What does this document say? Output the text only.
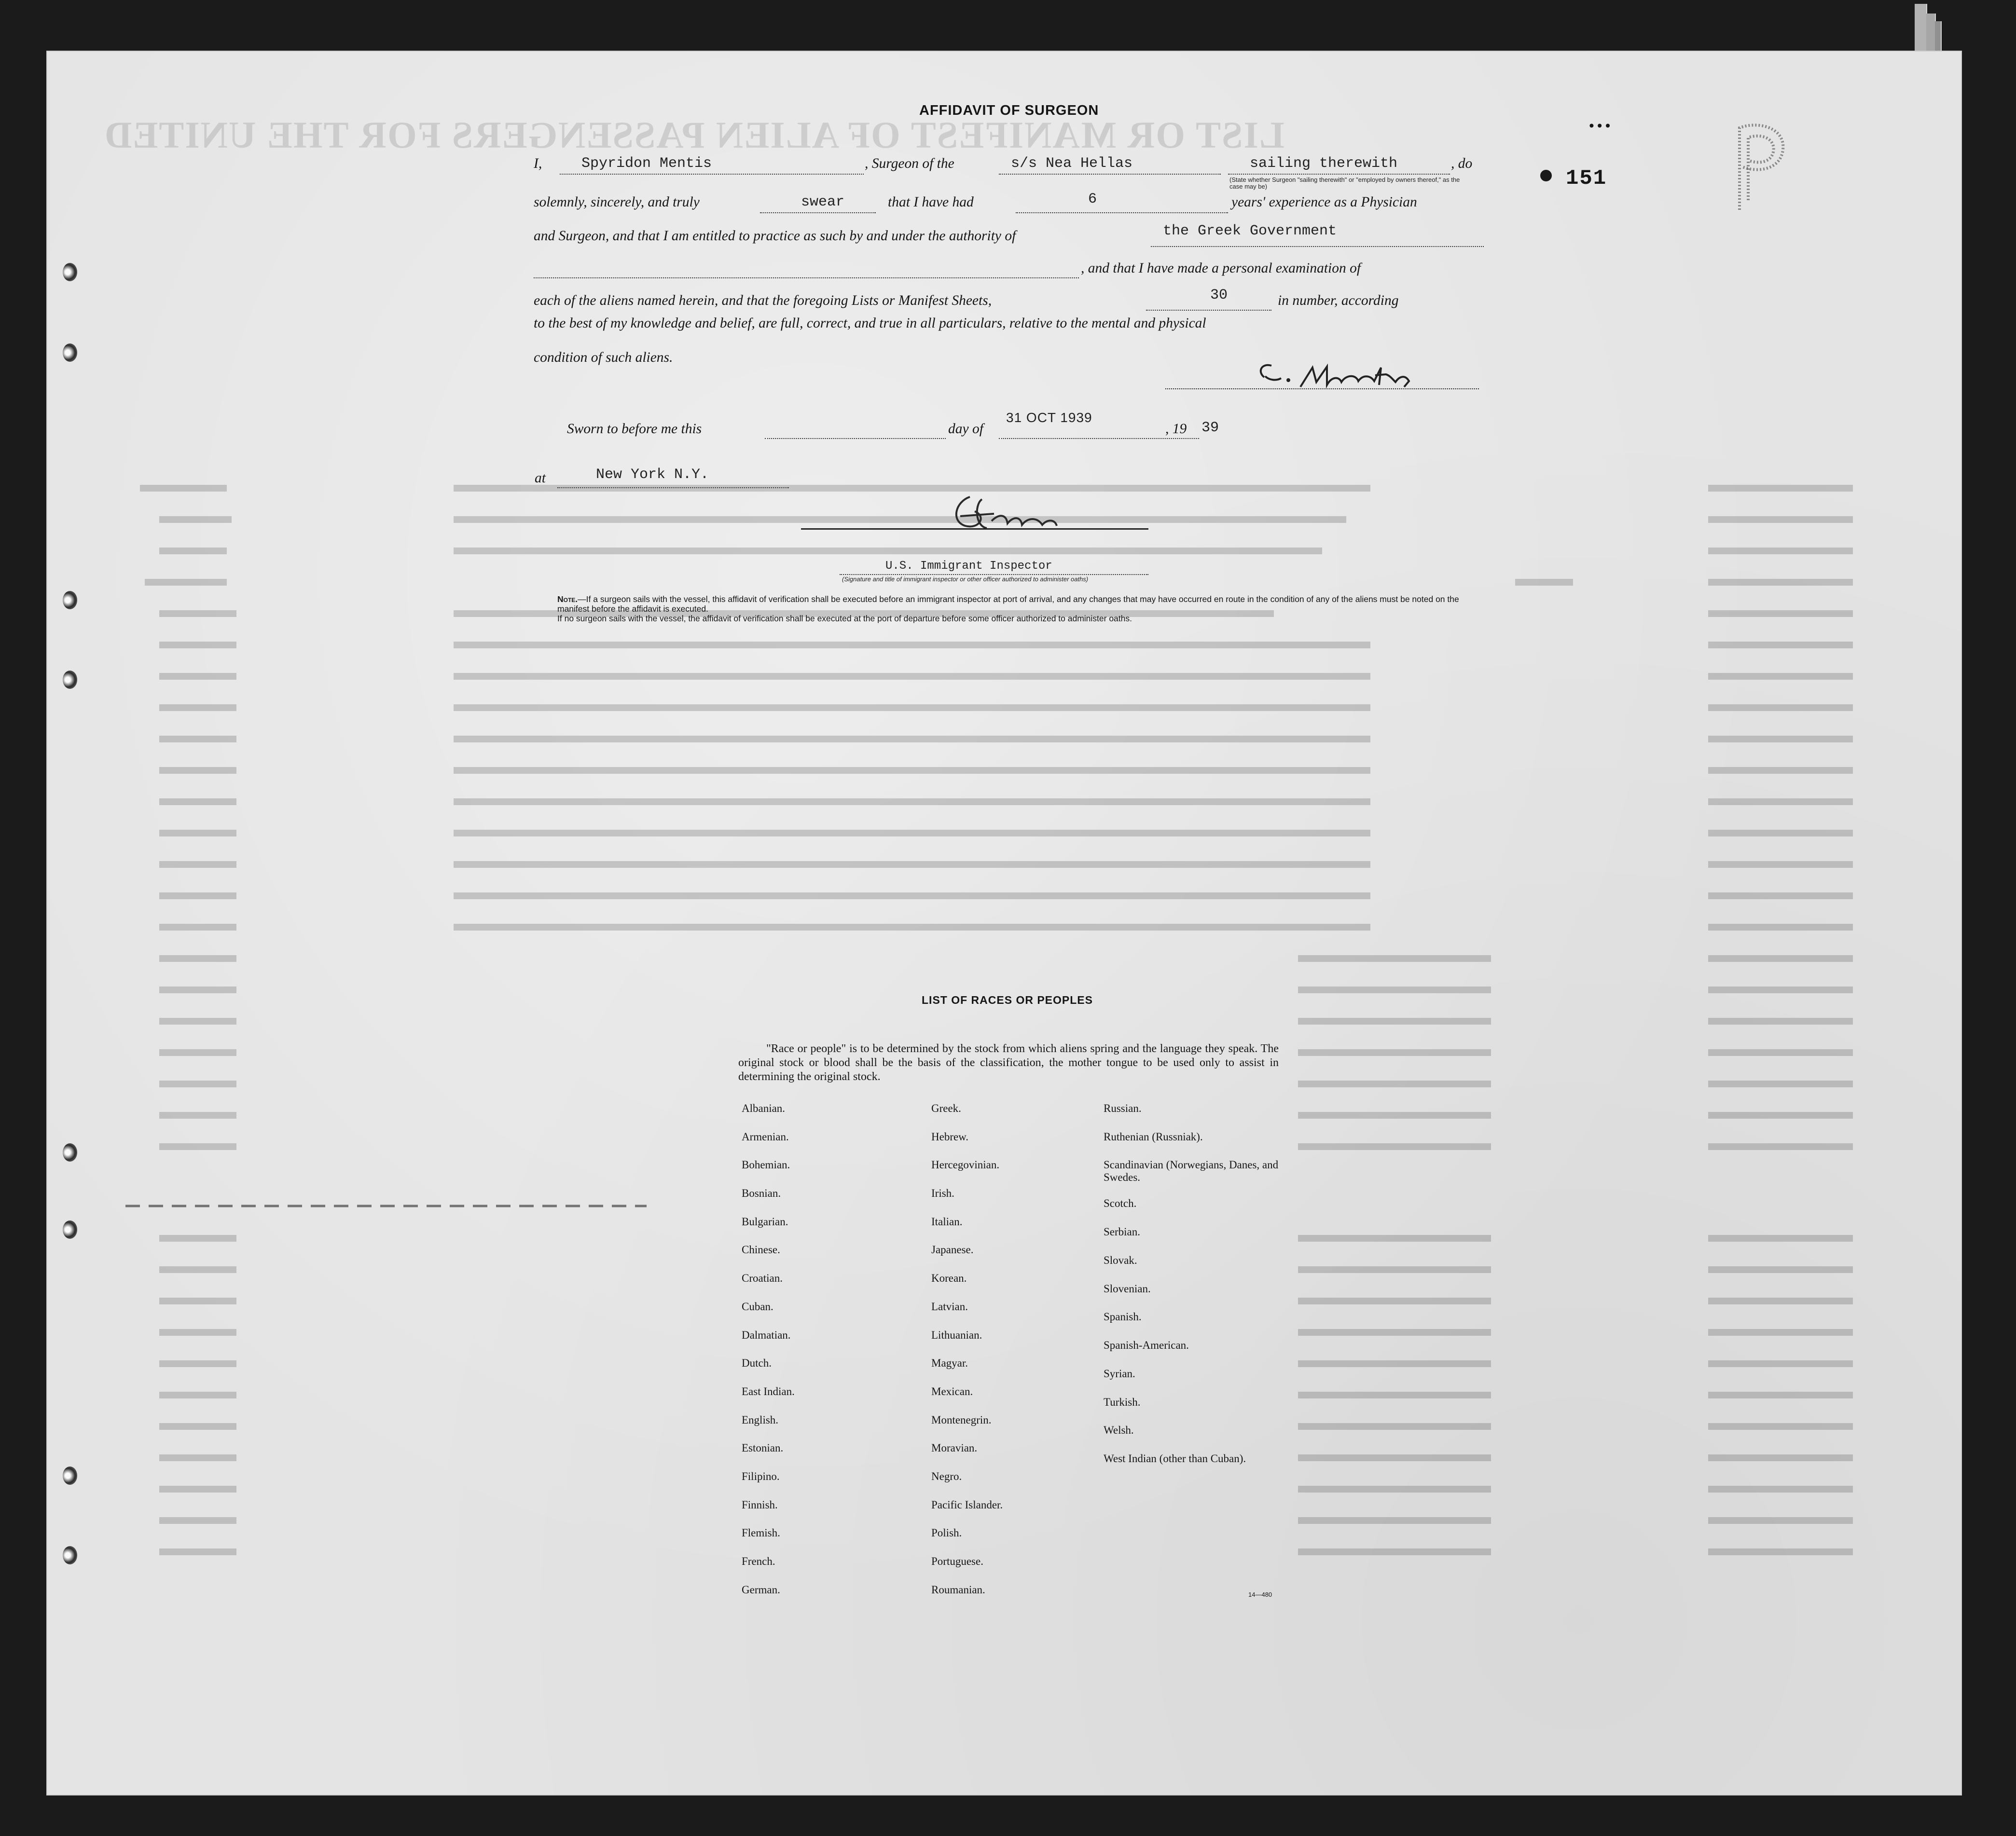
LIST OR MANIFEST OF ALIEN PASSENGERS FOR THE UNITED
AFFIDAVIT OF SURGEON
I,	Spyridon Mentis	, Surgeon of the	s/s Nea Hellas	sailing therewith	, do
(State whether Surgeon "sailing therewith" or "employed by owners thereof," as the case may be)
solemnly, sincerely, and truly	swear	that I have had	6	years' experience as a Physician
and Surgeon, and that I am entitled to practice as such by and under the authority of	the Greek Government
, and that I have made a personal examination of
each of the aliens named herein, and that the foregoing Lists or Manifest Sheets,	30	in number, according
to the best of my knowledge and belief, are full, correct, and true in all particulars, relative to the mental and physical
condition of such aliens.
Sworn to before me this	day of
31 OCT 1939
, 19 39
at	New York N.Y.
U.S. Immigrant Inspector
(Signature and title of immigrant inspector or other officer authorized to administer oaths)

Note.—If a surgeon sails with the vessel, this affidavit of verification shall be executed before an immigrant inspector at port of arrival, and any changes that may have occurred en route in the condition of any of the aliens must be noted on the manifest before the affidavit is executed.

If no surgeon sails with the vessel, the affidavit of verification shall be executed at the port of departure before some officer authorized to administer oaths.

LIST OF RACES OR PEOPLES
"Race or people" is to be determined by the stock from which aliens spring and the language they speak. The original stock or blood shall be the basis of the classification, the mother tongue to be used only to assist in determining the original stock.
Albanian.
Armenian.
Bohemian.
Bosnian.
Bulgarian.
Chinese.
Croatian.
Cuban.
Dalmatian.
Dutch.
East Indian.
English.
Estonian.
Filipino.
Finnish.
Flemish.
French.
German.
Greek.
Hebrew.
Hercegovinian.
Irish.
Italian.
Japanese.
Korean.
Latvian.
Lithuanian.
Magyar.
Mexican.
Montenegrin.
Moravian.
Negro.
Pacific Islander.
Polish.
Portuguese.
Roumanian.
Russian.
Ruthenian (Russniak).
Scandinavian (Norwegians, Danes, and Swedes.
Scotch.
Serbian.
Slovak.
Slovenian.
Spanish.
Spanish-American.
Syrian.
Turkish.
Welsh.
West Indian (other than Cuban).
14—480
•••
151
